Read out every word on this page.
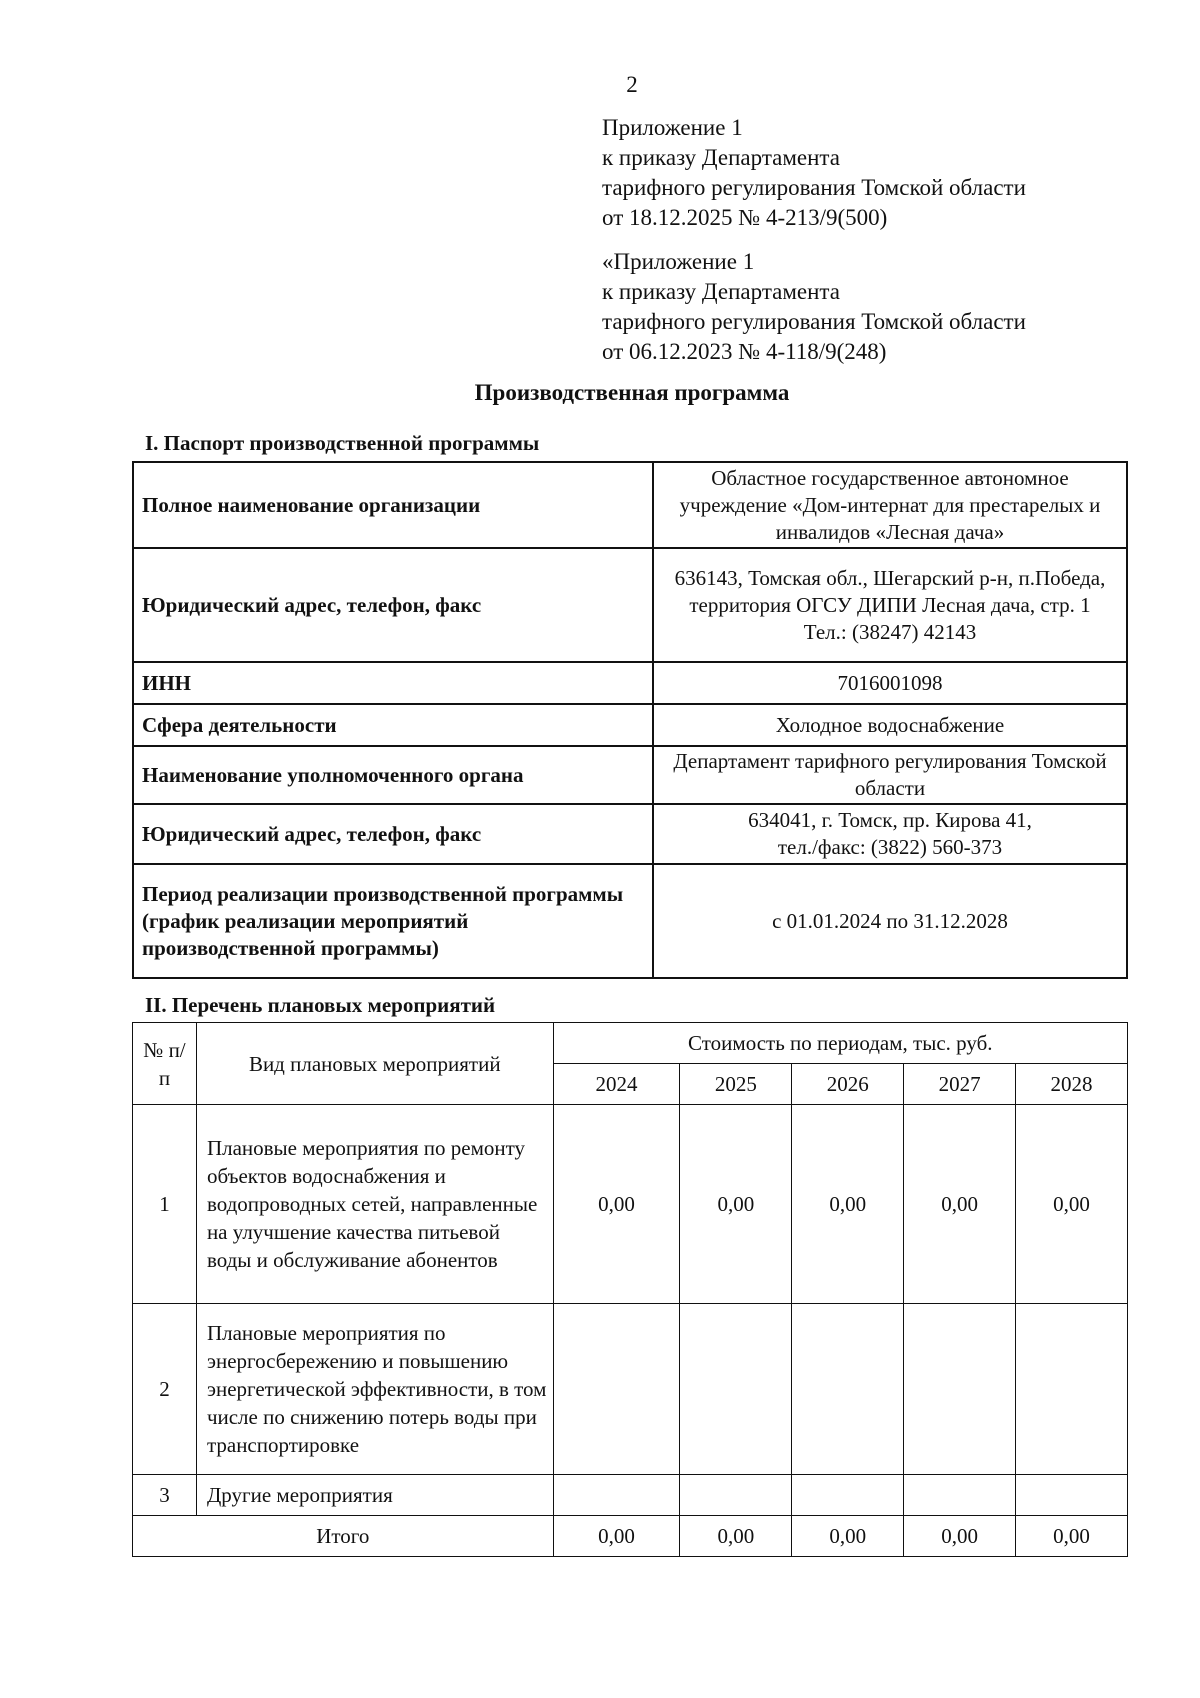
2
Приложение 1
к приказу Департамента
тарифного регулирования Томской области
от 18.12.2025 № 4-213/9(500)
«Приложение 1
к приказу Департамента
тарифного регулирования Томской области
от 06.12.2023 № 4-118/9(248)
Производственная программа
I. Паспорт производственной программы
Полное наименование организации	Областное государственное автономное учреждение «Дом-интернат для престарелых и инвалидов «Лесная дача»
Юридический адрес, телефон, факс	636143, Томская обл., Шегарский р-н, п.Победа, территория ОГСУ ДИПИ Лесная дача, стр. 1
Тел.: (38247) 42143

ИНН	7016001098
Сфера деятельности	Холодное водоснабжение
Наименование уполномоченного органа	Департамент тарифного регулирования Томской области
Юридический адрес, телефон, факс	634041, г. Томск, пр. Кирова 41,
тел./факс: (3822) 560-373

Период реализации производственной программы (график реализации мероприятий производственной программы)	с 01.01.2024 по 31.12.2028
II. Перечень плановых мероприятий
№ п/п	Вид плановых мероприятий	Стоимость по периодам, тыс. руб.				
		2024	2025	2026	2027	2028
1	Плановые мероприятия по ремонту объектов водоснабжения и водопроводных сетей, направленные на улучшение качества питьевой воды и обслуживание абонентов	0,00	0,00	0,00	0,00	0,00
2	Плановые мероприятия по энергосбережению и повышению энергетической эффективности, в том числе по снижению потерь воды при транспортировке					
3	Другие мероприятия					
Итого		0,00	0,00	0,00	0,00	0,00
